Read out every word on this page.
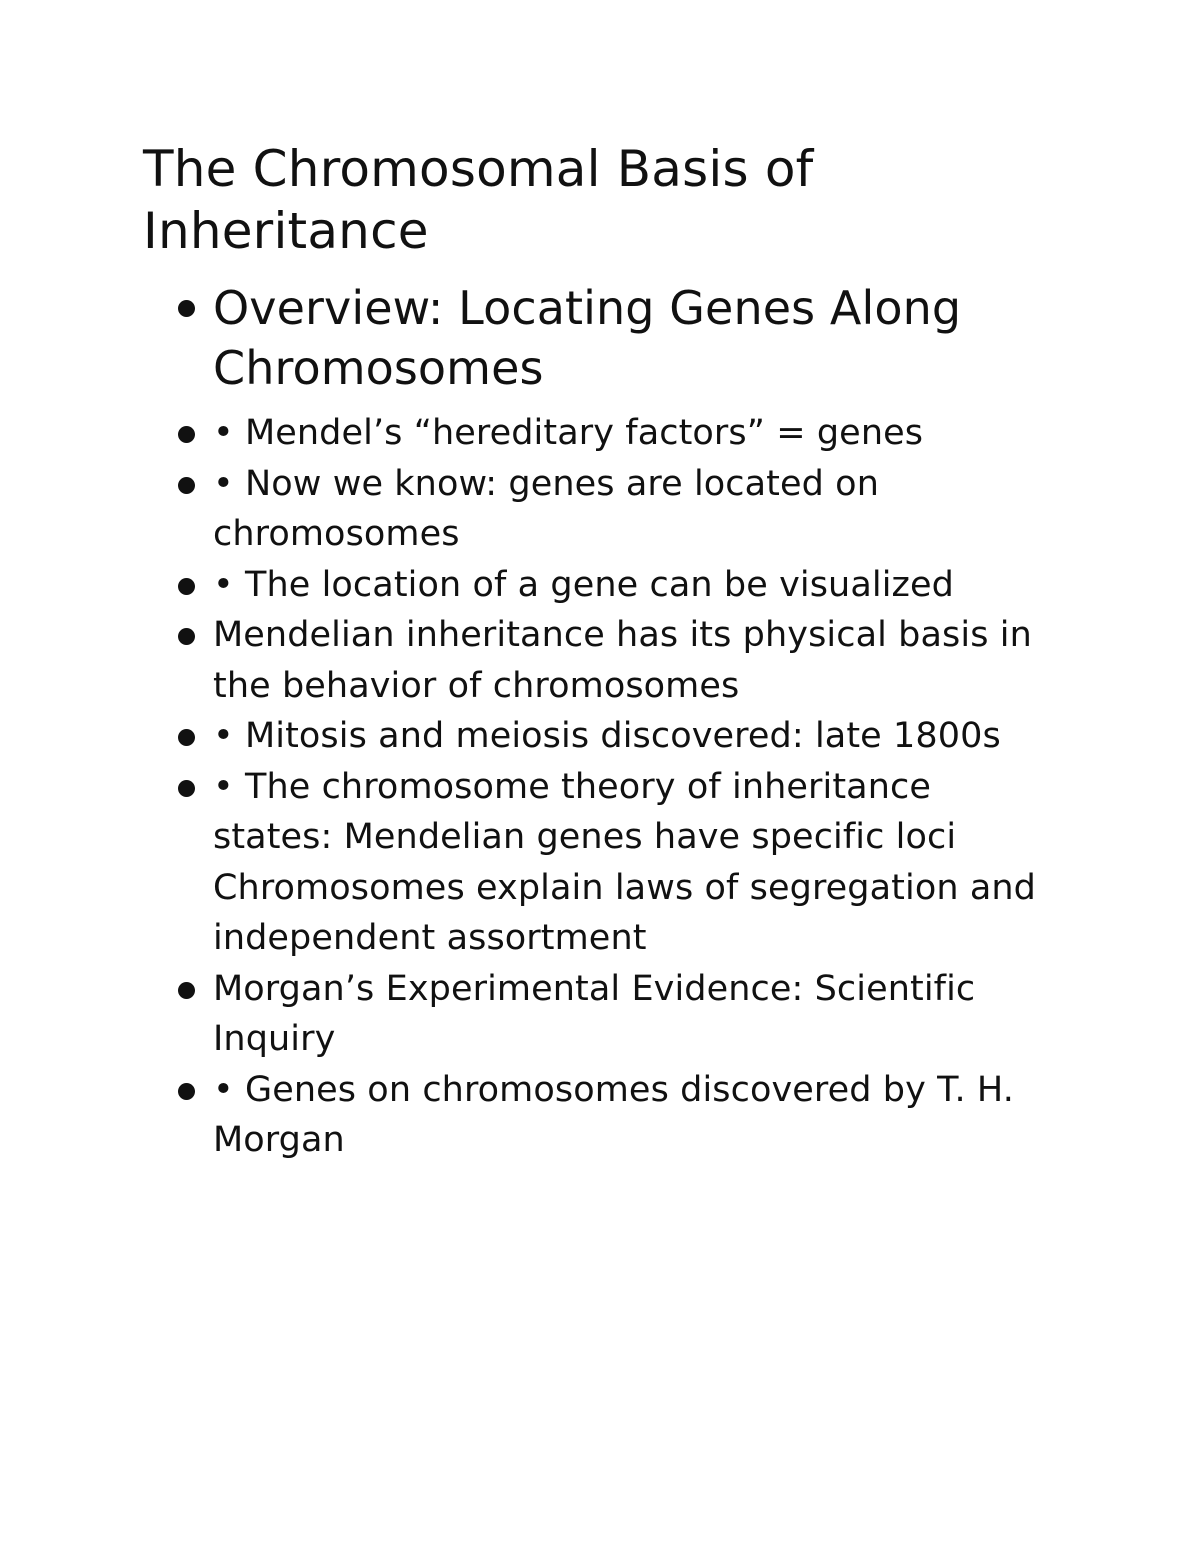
The Chromosomal Basis of Inheritance
Overview: Locating Genes Along Chromosomes
• Mendel’s “hereditary factors” = genes
• Now we know: genes are located on chromosomes
• The location of a gene can be visualized
Mendelian inheritance has its physical basis in the behavior of chromosomes
• Mitosis and meiosis discovered: late 1800s
• The chromosome theory of inheritance states: Mendelian genes have specific loci Chromosomes explain laws of segregation and independent assortment
Morgan’s Experimental Evidence: Scientific Inquiry
• Genes on chromosomes discovered by T. H. Morgan
